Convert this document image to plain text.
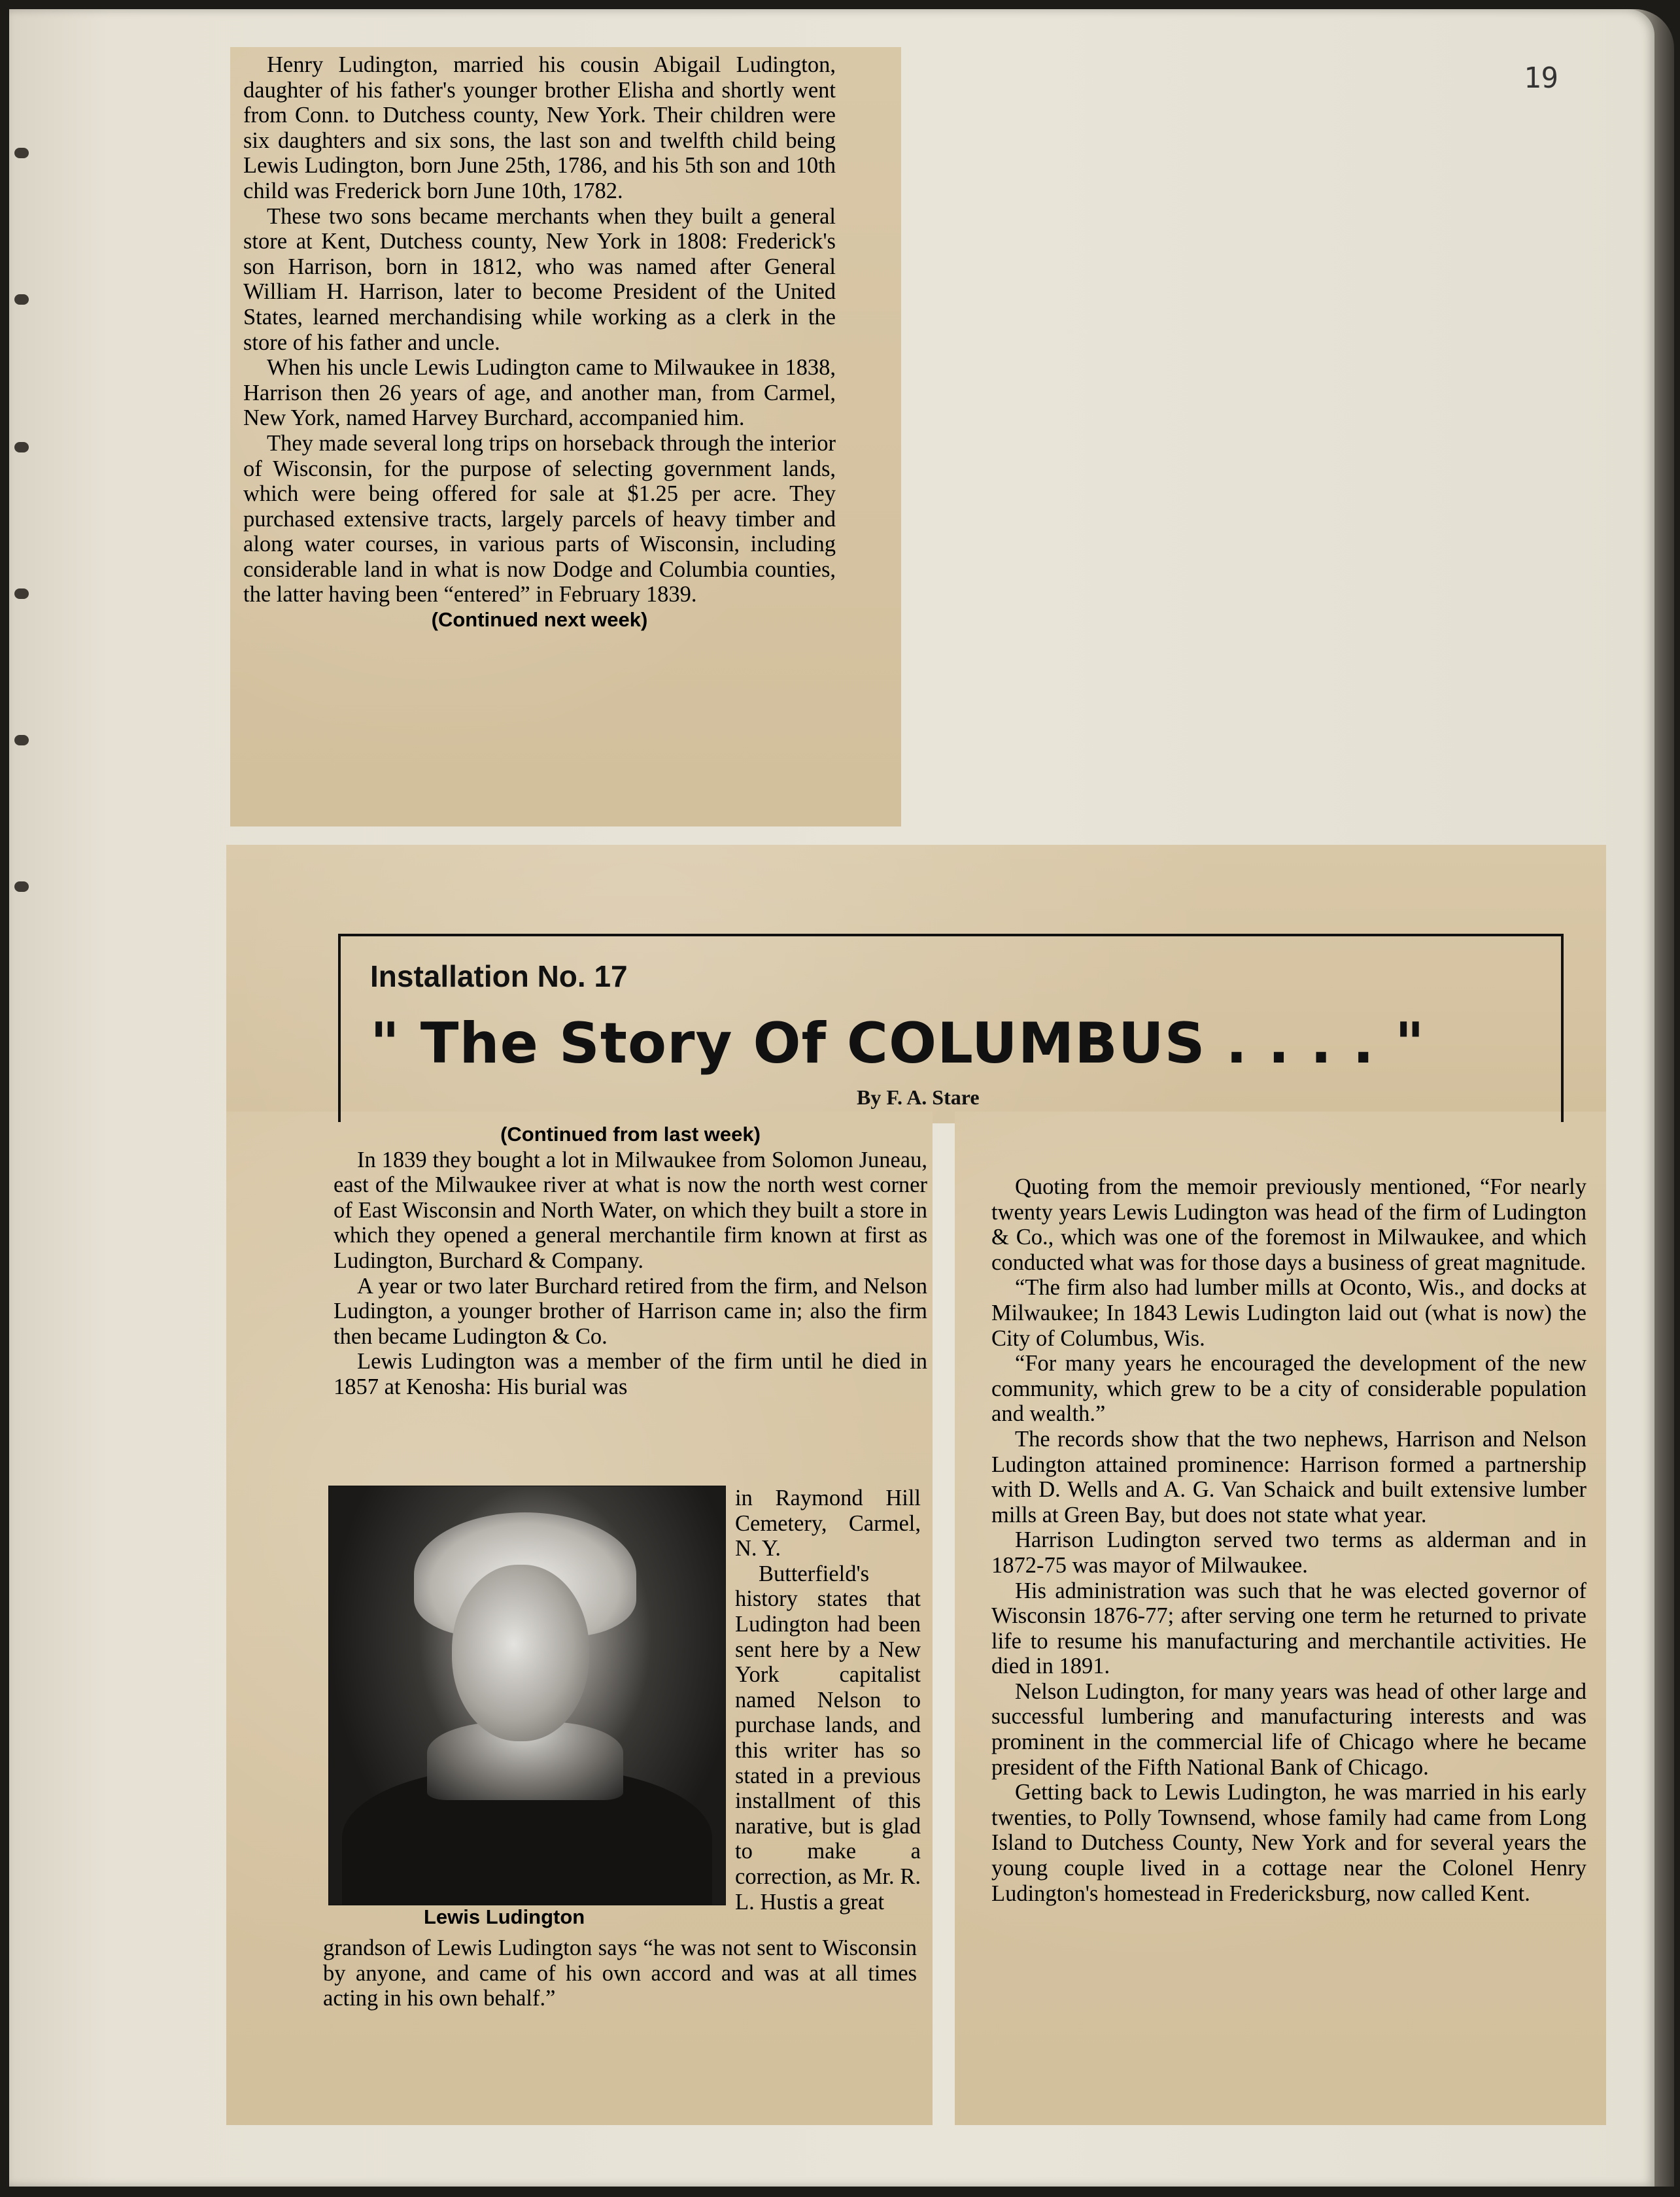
19

Henry Ludington, married his cousin Abigail Ludington, daughter of his father's younger brother Elisha and shortly went from Conn. to Dutchess county, New York. Their children were six daughters and six sons, the last son and twelfth child being Lewis Ludington, born June 25th, 1786, and his 5th son and 10th child was Frederick born June 10th, 1782.

These two sons became merchants when they built a general store at Kent, Dutchess county, New York in 1808: Frederick's son Harrison, born in 1812, who was named after General William H. Harrison, later to become President of the United States, learned merchandising while working as a clerk in the store of his father and uncle.

When his uncle Lewis Ludington came to Milwaukee in 1838, Harrison then 26 years of age, and another man, from Carmel, New York, named Harvey Burchard, accompanied him.

They made several long trips on horseback through the interior of Wisconsin, for the purpose of selecting government lands, which were being offered for sale at $1.25 per acre. They purchased extensive tracts, largely parcels of heavy timber and along water courses, in various parts of Wisconsin, including considerable land in what is now Dodge and Columbia counties, the latter having been “entered” in February 1839.

(Continued next week)

Installation No. 17
" The Story Of COLUMBUS . . . . "
By F. A. Stare

(Continued from last week)

In 1839 they bought a lot in Milwaukee from Solomon Juneau, east of the Milwaukee river at what is now the north west corner of East Wisconsin and North Water, on which they built a store in which they opened a general merchantile firm known at first as Ludington, Burchard & Company.

A year or two later Burchard retired from the firm, and Nelson Ludington, a younger brother of Harrison came in; also the firm then became Ludington & Co.

Lewis Ludington was a member of the firm until he died in 1857 at Kenosha: His burial was

Lewis Ludington

in Raymond Hill Cemetery, Carmel, N. Y.

Butterfield's history states that Ludington had been sent here by a New York capitalist named Nelson to purchase lands, and this writer has so stated in a previous installment of this narative, but is glad to make a correction, as Mr. R. L. Hustis a great

grandson of Lewis Ludington says “he was not sent to Wisconsin by anyone, and came of his own accord and was at all times acting in his own behalf.”

Quoting from the memoir previously mentioned, “For nearly twenty years Lewis Ludington was head of the firm of Ludington & Co., which was one of the foremost in Milwaukee, and which conducted what was for those days a business of great magnitude.

“The firm also had lumber mills at Oconto, Wis., and docks at Milwaukee; In 1843 Lewis Ludington laid out (what is now) the City of Columbus, Wis.

“For many years he encouraged the development of the new community, which grew to be a city of considerable population and wealth.”

The records show that the two nephews, Harrison and Nelson Ludington attained prominence: Harrison formed a partnership with D. Wells and A. G. Van Schaick and built extensive lumber mills at Green Bay, but does not state what year.

Harrison Ludington served two terms as alderman and in 1872-75 was mayor of Milwaukee.

His administration was such that he was elected governor of Wisconsin 1876-77; after serving one term he returned to private life to resume his manufacturing and merchantile activities. He died in 1891.

Nelson Ludington, for many years was head of other large and successful lumbering and manufacturing interests and was prominent in the commercial life of Chicago where he became president of the Fifth National Bank of Chicago.

Getting back to Lewis Ludington, he was married in his early twenties, to Polly Townsend, whose family had came from Long Island to Dutchess County, New York and for several years the young couple lived in a cottage near the Colonel Henry Ludington's homestead in Fredericksburg, now called Kent.
